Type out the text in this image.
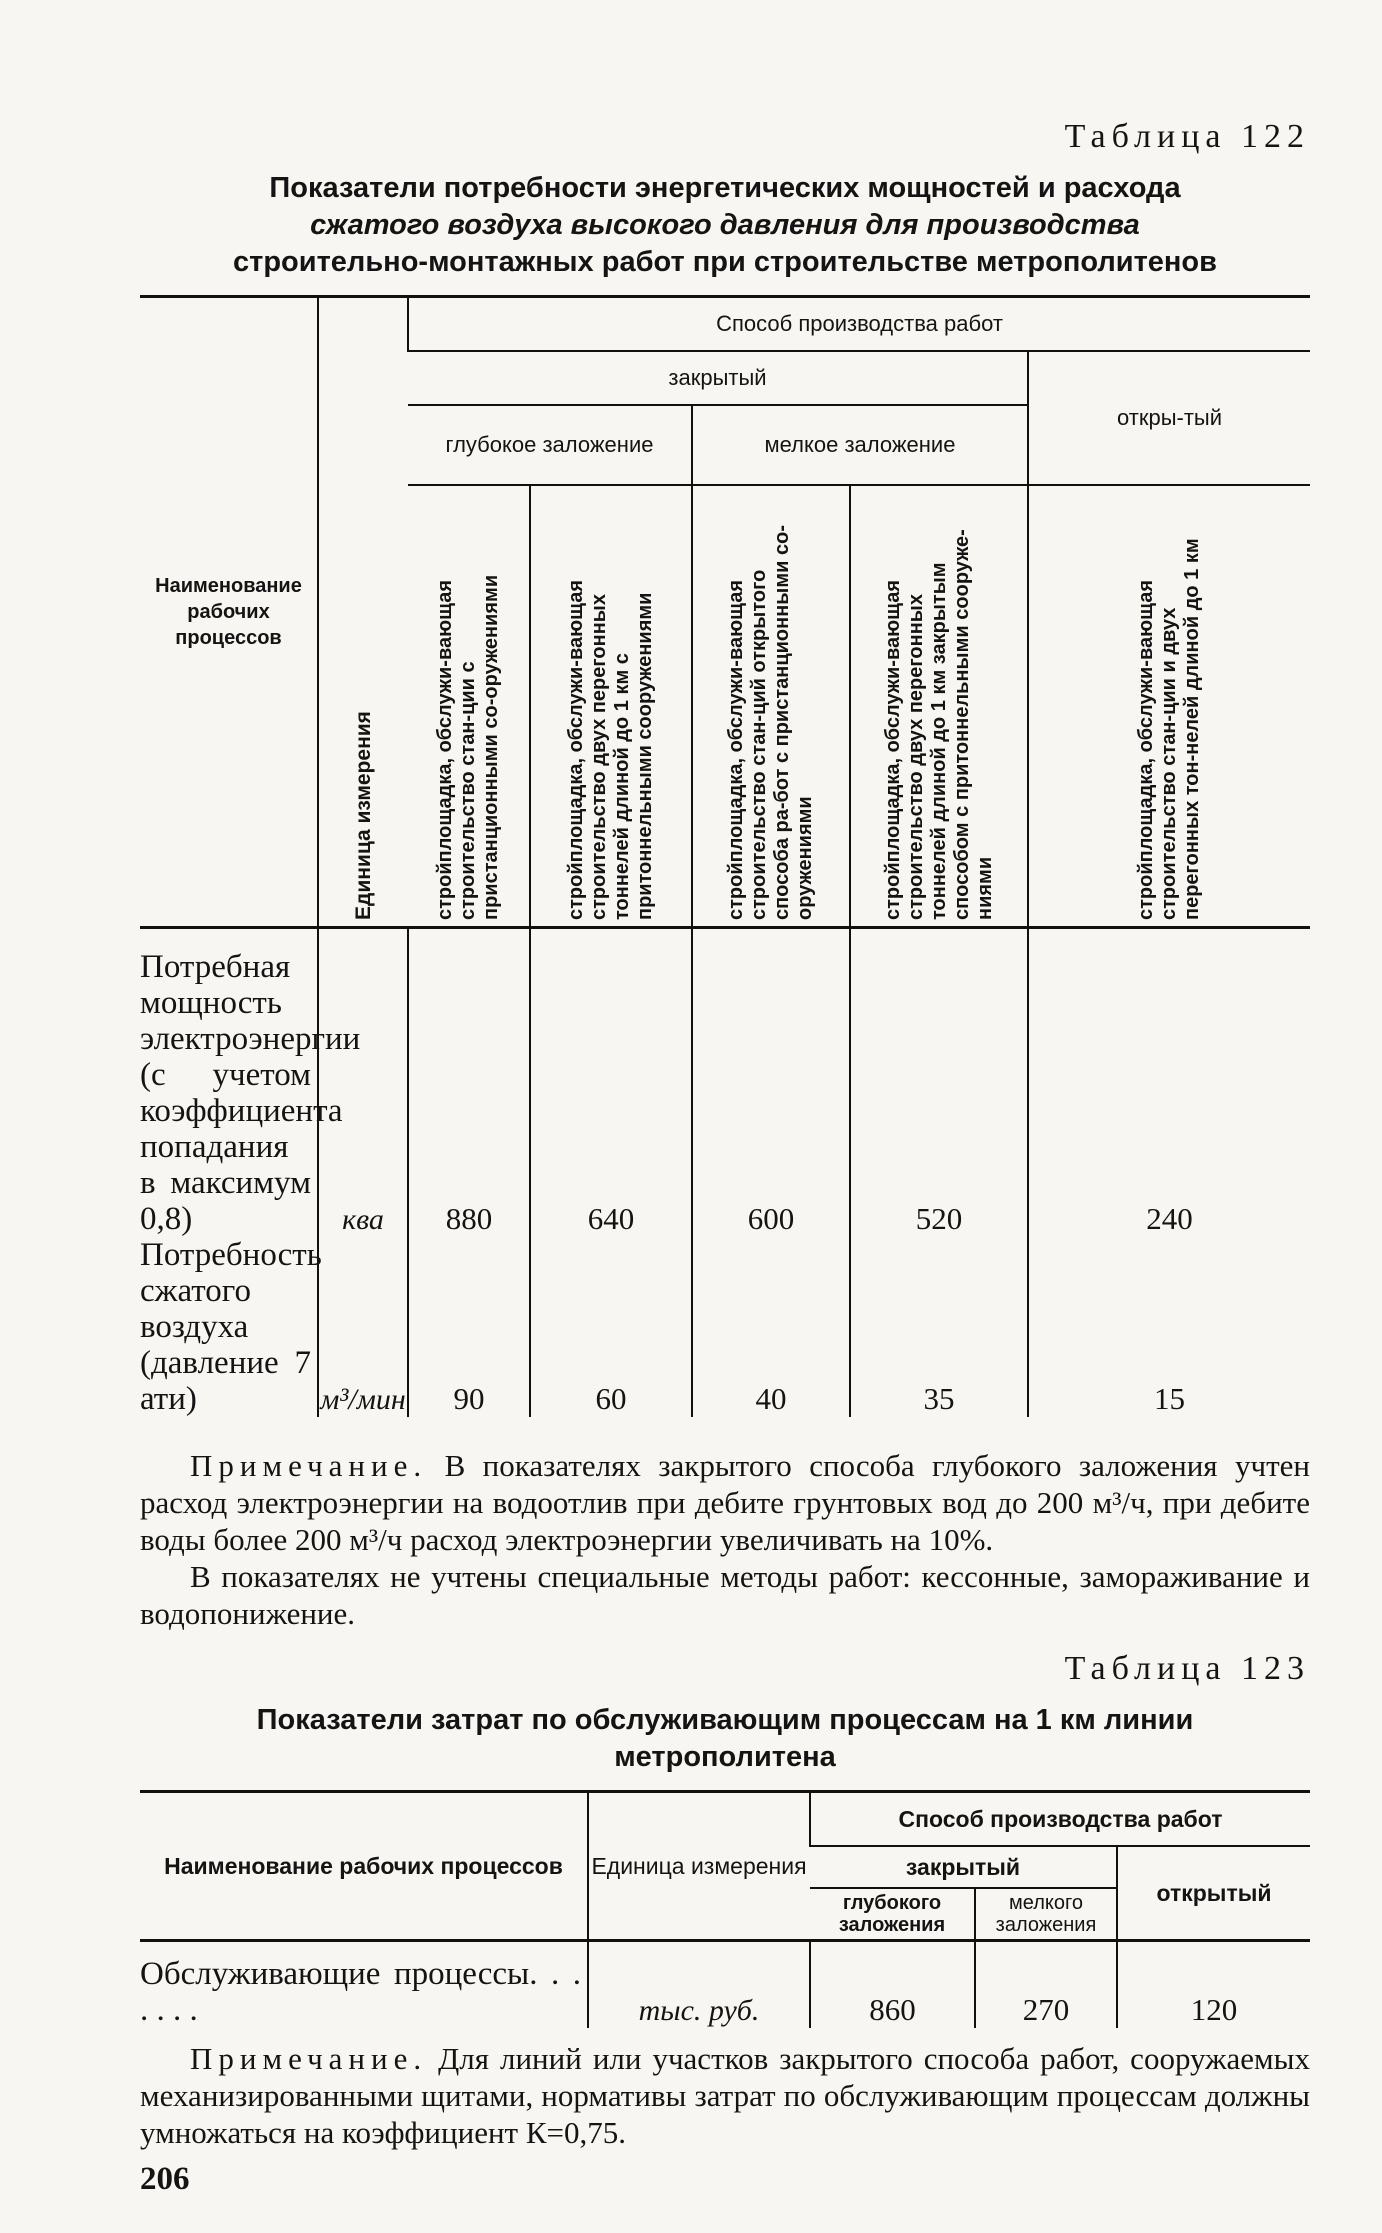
Таблица 122
Показатели потребности энергетических мощностей и расхода
сжатого воздуха высокого давления для производства
строительно-монтажных работ при строительстве метрополитенов
Наименование рабочих процессов	Единица измерения	Способ производства работ				
		закрытый				откры-тый
		глубокое заложение		мелкое заложение		
		стройплощадка, обслужи-вающая строительство стан-ции с пристанционными со-оружениями	стройплощадка, обслужи-вающая строительство двух перегонных тоннелей длиной до 1 км с притоннельными сооружениями	стройплощадка, обслужи-вающая строительство стан-ций открытого способа ра-бот с пристанционными со-оружениями	стройплощадка, обслужи-вающая строительство двух перегонных тоннелей длиной до 1 км закрытым способом с притоннельными сооруже-ниями	стройплощадка, обслужи-вающая строительство стан-ции и двух перегонных тон-нелей длиной до 1 км
Потребная мощность электроэнергии (с учетом коэффициента попадания в максимум 0,8)	ква	880	640	600	520	240
Потребность сжатого воздуха (давление 7 ати)	м³/мин	90	60	40	35	15

Примечание. В показателях закрытого способа глубокого заложения учтен расход электроэнергии на водоотлив при дебите грунтовых вод до 200 м³/ч, при дебите воды более 200 м³/ч расход электроэнергии увеличивать на 10%.

В показателях не учтены специальные методы работ: кессонные, замораживание и водопонижение.

Таблица 123
Показатели затрат по обслуживающим процессам на 1 км линии
метрополитена
Наименование рабочих процессов	Единица измерения	Способ производства работ		
		закрытый		открытый
		глубокого заложения	мелкого заложения	
Обслуживающие процессы. . . . . . .	тыс. руб.	860	270	120

Примечание. Для линий или участков закрытого способа работ, сооружаемых механизированными щитами, нормативы затрат по обслуживающим процессам должны умножаться на коэффициент К=0,75.

206
